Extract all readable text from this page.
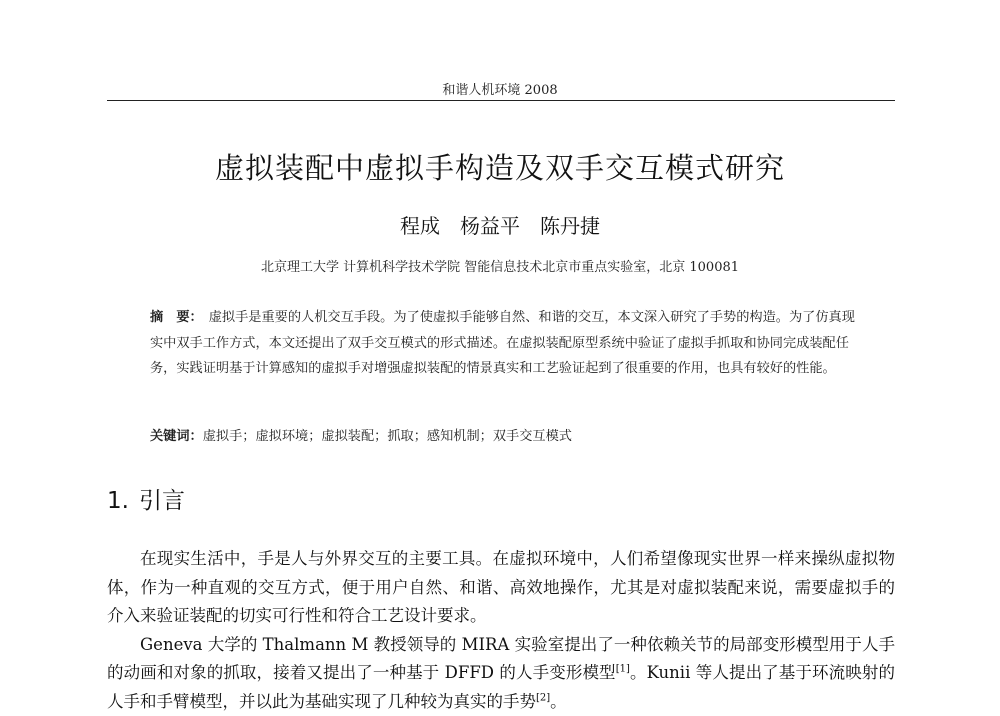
和谐人机环境 2008
虚拟装配中虚拟手构造及双手交互模式研究
程成　杨益平　陈丹捷
北京理工大学 计算机科学技术学院 智能信息技术北京市重点实验室，北京 100081
摘　要： 虚拟手是重要的人机交互手段。为了使虚拟手能够自然、和谐的交互，本文深入研究了手势的构造。为了仿真现实中双手工作方式，本文还提出了双手交互模式的形式描述。在虚拟装配原型系统中验证了虚拟手抓取和协同完成装配任务，实践证明基于计算感知的虚拟手对增强虚拟装配的情景真实和工艺验证起到了很重要的作用，也具有较好的性能。
关键词：虚拟手；虚拟环境；虚拟装配；抓取；感知机制；双手交互模式
1. 引言

在现实生活中，手是人与外界交互的主要工具。在虚拟环境中，人们希望像现实世界一样来操纵虚拟物体，作为一种直观的交互方式，便于用户自然、和谐、高效地操作，尤其是对虚拟装配来说，需要虚拟手的介入来验证装配的切实可行性和符合工艺设计要求。

Geneva 大学的 Thalmann M 教授领导的 MIRA 实验室提出了一种依赖关节的局部变形模型用于人手的动画和对象的抓取，接着又提出了一种基于 DFFD 的人手变形模型[1]。Kunii 等人提出了基于环流映射的人手和手臂模型，并以此为基础实现了几种较为真实的手势[2]。
